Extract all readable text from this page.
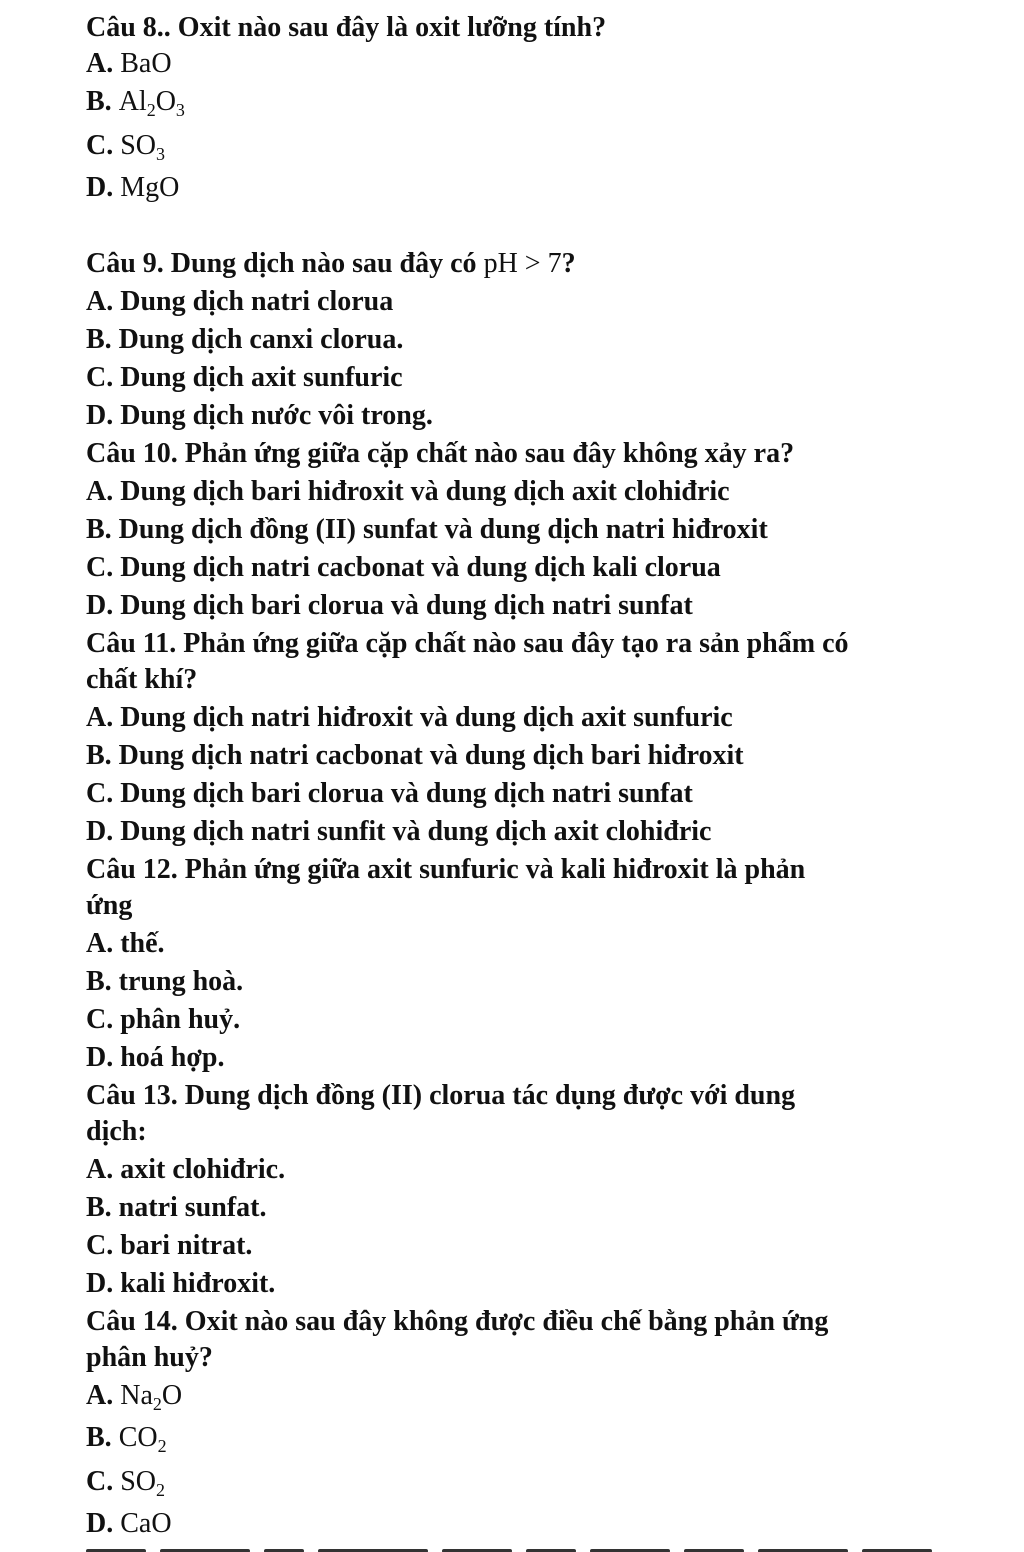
Câu 8.. Oxit nào sau đây là oxit lưỡng tính?
A. BaO
B. $Al_2O_3$
C. $SO_3$
D. MgO
Câu 9. Dung dịch nào sau đây có pH > 7?
A. Dung dịch natri clorua
B. Dung dịch canxi clorua.
C. Dung dịch axit sunfuric
D. Dung dịch nước vôi trong.
Câu 10. Phản ứng giữa cặp chất nào sau đây không xảy ra?
A. Dung dịch bari hiđroxit và dung dịch axit clohiđric
B. Dung dịch đồng (II) sunfat và dung dịch natri hiđroxit
C. Dung dịch natri cacbonat và dung dịch kali clorua
D. Dung dịch bari clorua và dung dịch natri sunfat
Câu 11. Phản ứng giữa cặp chất nào sau đây tạo ra sản phẩm có
chất khí?
A. Dung dịch natri hiđroxit và dung dịch axit sunfuric
B. Dung dịch natri cacbonat và dung dịch bari hiđroxit
C. Dung dịch bari clorua và dung dịch natri sunfat
D. Dung dịch natri sunfit và dung dịch axit clohiđric
Câu 12. Phản ứng giữa axit sunfuric và kali hiđroxit là phản
ứng
A. thế.
B. trung hoà.
C. phân huỷ.
D. hoá hợp.
Câu 13. Dung dịch đồng (II) clorua tác dụng được với dung
dịch:
A. axit clohiđric.
B. natri sunfat.
C. bari nitrat.
D. kali hiđroxit.
Câu 14. Oxit nào sau đây không được điều chế bằng phản ứng
phân huỷ?
A. $Na_2O$
B. $CO_2$
C. $SO_2$
D. CaO
